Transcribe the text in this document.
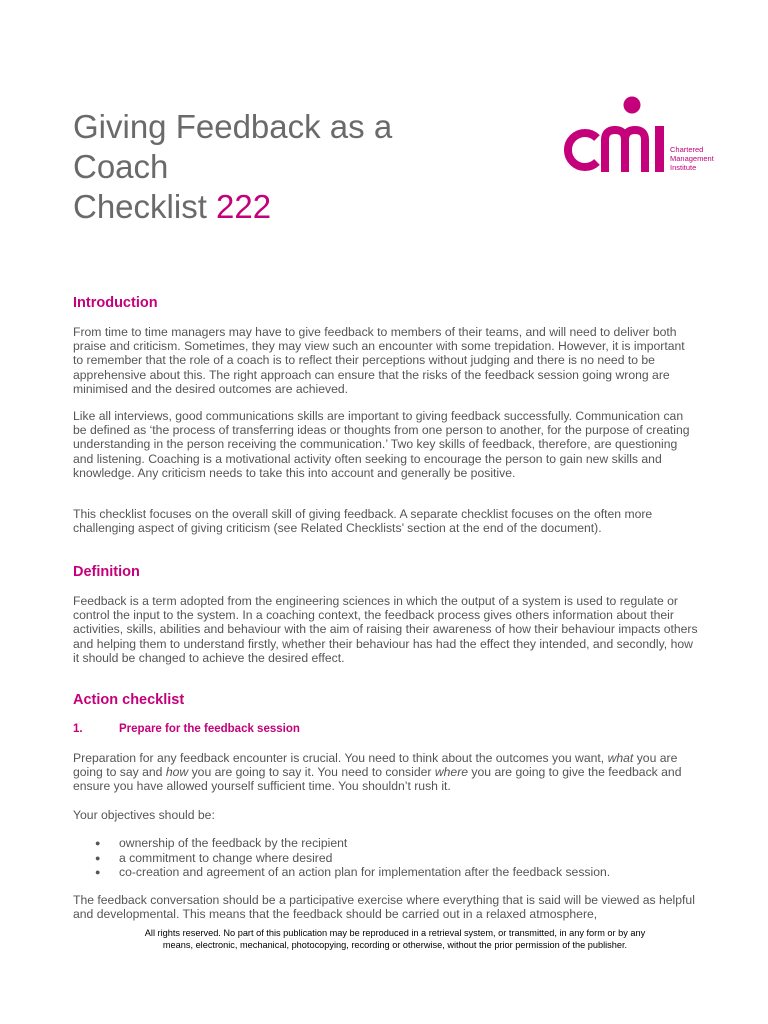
Giving Feedback as a
Coach
Checklist 222
Chartered
Management
Institute
Introduction

From time to time managers may have to give feedback to members of their teams, and will need to deliver both praise and criticism. Sometimes, they may view such an encounter with some trepidation. However, it is important to remember that the role of a coach is to reflect their perceptions without judging and there is no need to be apprehensive about this. The right approach can ensure that the risks of the feedback session going wrong are minimised and the desired outcomes are achieved.

Like all interviews, good communications skills are important to giving feedback successfully. Communication can be defined as ‘the process of transferring ideas or thoughts from one person to another, for the purpose of creating understanding in the person receiving the communication.’ Two key skills of feedback, therefore, are questioning and listening. Coaching is a motivational activity often seeking to encourage the person to gain new skills and knowledge. Any criticism needs to take this into account and generally be positive.

This checklist focuses on the overall skill of giving feedback. A separate checklist focuses on the often more challenging aspect of giving criticism (see Related Checklists’ section at the end of the document).

Definition

Feedback is a term adopted from the engineering sciences in which the output of a system is used to regulate or control the input to the system. In a coaching context, the feedback process gives others information about their activities, skills, abilities and behaviour with the aim of raising their awareness of how their behaviour impacts others and helping them to understand firstly, whether their behaviour has had the effect they intended, and secondly, how it should be changed to achieve the desired effect.

Action checklist
1.	Prepare for the feedback session

Preparation for any feedback encounter is crucial. You need to think about the outcomes you want, what you are going to say and how you are going to say it. You need to consider where you are going to give the feedback and ensure you have allowed yourself sufficient time. You shouldn’t rush it.

Your objectives should be:

● ownership of the feedback by the recipient
● a commitment to change where desired
● co-creation and agreement of an action plan for implementation after the feedback session.

The feedback conversation should be a participative exercise where everything that is said will be viewed as helpful and developmental. This means that the feedback should be carried out in a relaxed atmosphere,

All rights reserved. No part of this publication may be reproduced in a retrieval system, or transmitted, in any form or by any means, electronic, mechanical, photocopying, recording or otherwise, without the prior permission of the publisher.
